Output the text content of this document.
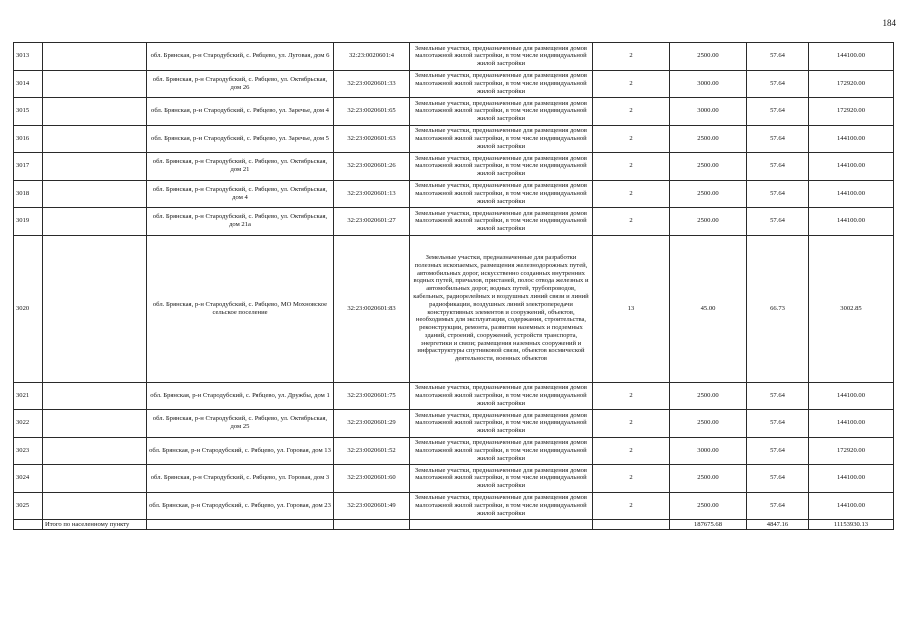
184
3013		обл. Брянская, р-н Стародубский, с. Рябцево, ул. Луговая, дом 6	32:23:0020601:4	Земельные участки, предназначенные для размещения домов малоэтажной жилой застройки, в том числе индивидуальной жилой застройки	2	2500.00	57.64	144100.00
3014		обл. Брянская, р-н Стародубский, с. Рябцево, ул. Октябрьская, дом 26	32:23:0020601:33	Земельные участки, предназначенные для размещения домов малоэтажной жилой застройки, в том числе индивидуальной жилой застройки	2	3000.00	57.64	172920.00
3015		обл. Брянская, р-н Стародубский, с. Рябцево, ул. Заречье, дом 4	32:23:0020601:65	Земельные участки, предназначенные для размещения домов малоэтажной жилой застройки, в том числе индивидуальной жилой застройки	2	3000.00	57.64	172920.00
3016		обл. Брянская, р-н Стародубский, с. Рябцево, ул. Заречье, дом 5	32:23:0020601:63	Земельные участки, предназначенные для размещения домов малоэтажной жилой застройки, в том числе индивидуальной жилой застройки	2	2500.00	57.64	144100.00
3017		обл. Брянская, р-н Стародубский, с. Рябцево, ул. Октябрьская, дом 21	32:23:0020601:26	Земельные участки, предназначенные для размещения домов малоэтажной жилой застройки, в том числе индивидуальной жилой застройки	2	2500.00	57.64	144100.00
3018		обл. Брянская, р-н Стародубский, с. Рябцево, ул. Октябрьская, дом 4	32:23:0020601:13	Земельные участки, предназначенные для размещения домов малоэтажной жилой застройки, в том числе индивидуальной жилой застройки	2	2500.00	57.64	144100.00
3019		обл. Брянская, р-н Стародубский, с. Рябцево, ул. Октябрьская, дом 21а	32:23:0020601:27	Земельные участки, предназначенные для размещения домов малоэтажной жилой застройки, в том числе индивидуальной жилой застройки	2	2500.00	57.64	144100.00
3020		обл. Брянская, р-н Стародубский, с. Рябцево, МО Мохновское сельское поселение	32:23:0020601:83	Земельные участки, предназначенные для разработки полезных ископаемых, размещения железнодорожных путей, автомобильных дорог, искусственно созданных внутренних водных путей, причалов, пристаней, полос отвода железных и автомобильных дорог, водных путей, трубопроводов, кабельных, радиорелейных и воздушных линий связи и линий радиофикации, воздушных линий электропередачи конструктивных элементов и сооружений, объектов, необходимых для эксплуатации, содержания, строительства, реконструкции, ремонта, развития наземных и подземных зданий, строений, сооружений, устройств транспорта, энергетики и связи; размещения наземных сооружений и инфраструктуры спутниковой связи, объектов космической деятельности, военных объектов	13	45.00	66.73	3002.85
3021		обл. Брянская, р-н Стародубский, с. Рябцево, ул. Дружбы, дом 1	32:23:0020601:75	Земельные участки, предназначенные для размещения домов малоэтажной жилой застройки, в том числе индивидуальной жилой застройки	2	2500.00	57.64	144100.00
3022		обл. Брянская, р-н Стародубский, с. Рябцево, ул. Октябрьская, дом 25	32:23:0020601:29	Земельные участки, предназначенные для размещения домов малоэтажной жилой застройки, в том числе индивидуальной жилой застройки	2	2500.00	57.64	144100.00
3023		обл. Брянская, р-н Стародубский, с. Рябцево, ул. Горовая, дом 13	32:23:0020601:52	Земельные участки, предназначенные для размещения домов малоэтажной жилой застройки, в том числе индивидуальной жилой застройки	2	3000.00	57.64	172920.00
3024		обл. Брянская, р-н Стародубский, с. Рябцево, ул. Горовая, дом 3	32:23:0020601:60	Земельные участки, предназначенные для размещения домов малоэтажной жилой застройки, в том числе индивидуальной жилой застройки	2	2500.00	57.64	144100.00
3025		обл. Брянская, р-н Стародубский, с. Рябцево, ул. Горовая, дом 23	32:23:0020601:49	Земельные участки, предназначенные для размещения домов малоэтажной жилой застройки, в том числе индивидуальной жилой застройки	2	2500.00	57.64	144100.00
	Итого по населенному пункту					187675.68	4847.16	11153930.13
